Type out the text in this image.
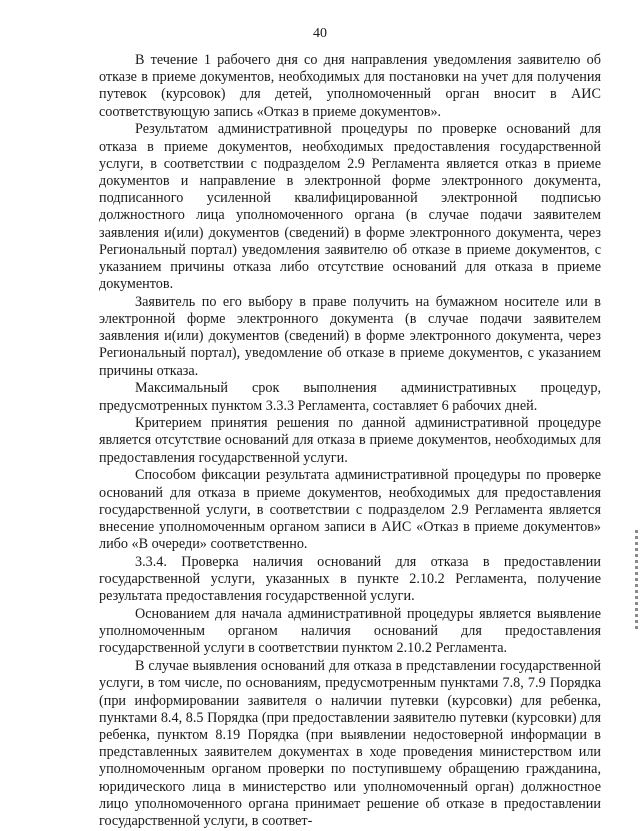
40

В течение 1 рабочего дня со дня направления уведомления заявителю об отказе в приеме документов, необходимых для постановки на учет для получения путевок (курсовок) для детей, уполномоченный орган вносит в АИС соответствующую запись «Отказ в приеме документов».

Результатом административной процедуры по проверке оснований для отказа в приеме документов, необходимых предоставления государственной услуги, в соответствии с подразделом 2.9 Регламента является отказ в приеме документов и направление в электронной форме электронного документа, подписанного усиленной квалифицированной электронной подписью должностного лица уполномоченного органа (в случае подачи заявителем заявления и(или) документов (сведений) в форме электронного документа, через Региональный портал) уведомления заявителю об отказе в приеме документов, с указанием причины отказа либо отсутствие оснований для отказа в приеме документов.

Заявитель по его выбору в праве получить на бумажном носителе или в электронной форме электронного документа (в случае подачи заявителем заявления и(или) документов (сведений) в форме электронного документа, через Региональный портал), уведомление об отказе в приеме документов, с указанием причины отказа.

Максимальный срок выполнения административных процедур, предусмотренных пунктом 3.3.3 Регламента, составляет 6 рабочих дней.

Критерием принятия решения по данной административной процедуре является отсутствие оснований для отказа в приеме документов, необходимых для предоставления государственной услуги.

Способом фиксации результата административной процедуры по проверке оснований для отказа в приеме документов, необходимых для предоставления государственной услуги, в соответствии с подразделом 2.9 Регламента является внесение уполномоченным органом записи в АИС «Отказ в приеме документов» либо «В очереди» соответственно.

3.3.4. Проверка наличия оснований для отказа в предоставлении государственной услуги, указанных в пункте 2.10.2 Регламента, получение результата предоставления государственной услуги.

Основанием для начала административной процедуры является выявление уполномоченным органом наличия оснований для предоставления государственной услуги в соответствии пунктом 2.10.2 Регламента.

В случае выявления оснований для отказа в представлении государственной услуги, в том числе, по основаниям, предусмотренным пунктами 7.8, 7.9 Порядка (при информировании заявителя о наличии путевки (курсовки) для ребенка, пунктами 8.4, 8.5 Порядка (при предоставлении заявителю путевки (курсовки) для ребенка, пунктом 8.19 Порядка (при выявлении недостоверной информации в представленных заявителем документах в ходе проведения министерством или уполномоченным органом проверки по поступившему обращению гражданина, юридического лица в министерство или уполномоченный орган) должностное лицо уполномоченного органа принимает решение об отказе в предоставлении государственной услуги, в соответ-
